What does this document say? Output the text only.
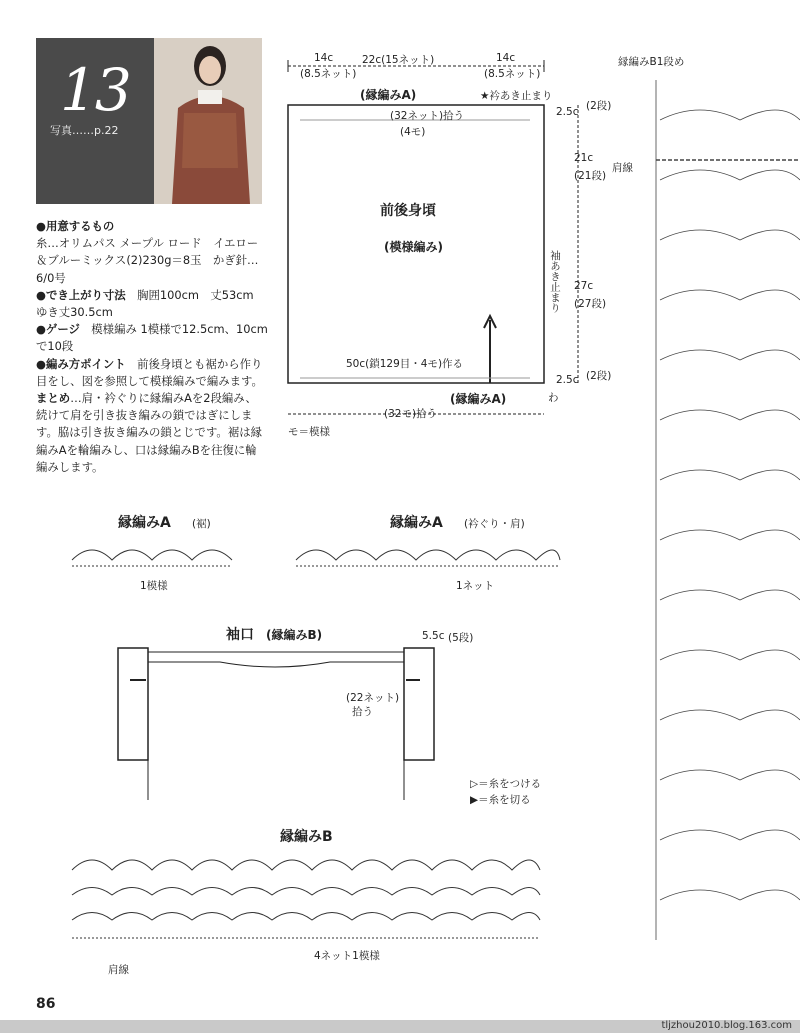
13
写真……p.22

●用意するもの

糸…オリムパス メープル ロード　イエロー＆ブルーミックス(2)230g＝8玉　かぎ針…6/0号

●でき上がり寸法　胸囲100cm　丈53cm　ゆき丈30.5cm

●ゲージ　模様編み 1模様で12.5cm、10cmで10段

●編み方ポイント　前後身頃とも裾から作り目をし、図を参照して模様編みで編みます。

まとめ…肩・衿ぐりに縁編みAを2段編み、続けて肩を引き抜き編みの鎖ではぎにします。脇は引き抜き編みの鎖とじです。裾は縁編みAを輪編みし、口は縁編みBを往復に輪編みします。

14c
(8.5ネット)
22c(15ネット)	14c
(8.5ネット)
(縁編みA)	★衿あき止まり
(32ネット)拾う
(4モ)
前後身頃
(模様編み)
袖あき止まり
50c(鎖129目・4モ)作る
(縁編みA)	わ
(32モ)拾う
モ＝模様
2.5c (2段)
21c
(21段)
27c
(27段)
2.5c (2段)
縁編みA (裾)
1模様
縁編みA (衿ぐり・肩)
1ネット
袖口 (縁編みB)	5.5c (5段)
(22ネット)
拾う
▷＝糸をつける
▶＝糸を切る
縁編みB
4ネット1模様
肩線
縁編みB1段め
肩線
86
tljzhou2010.blog.163.com
